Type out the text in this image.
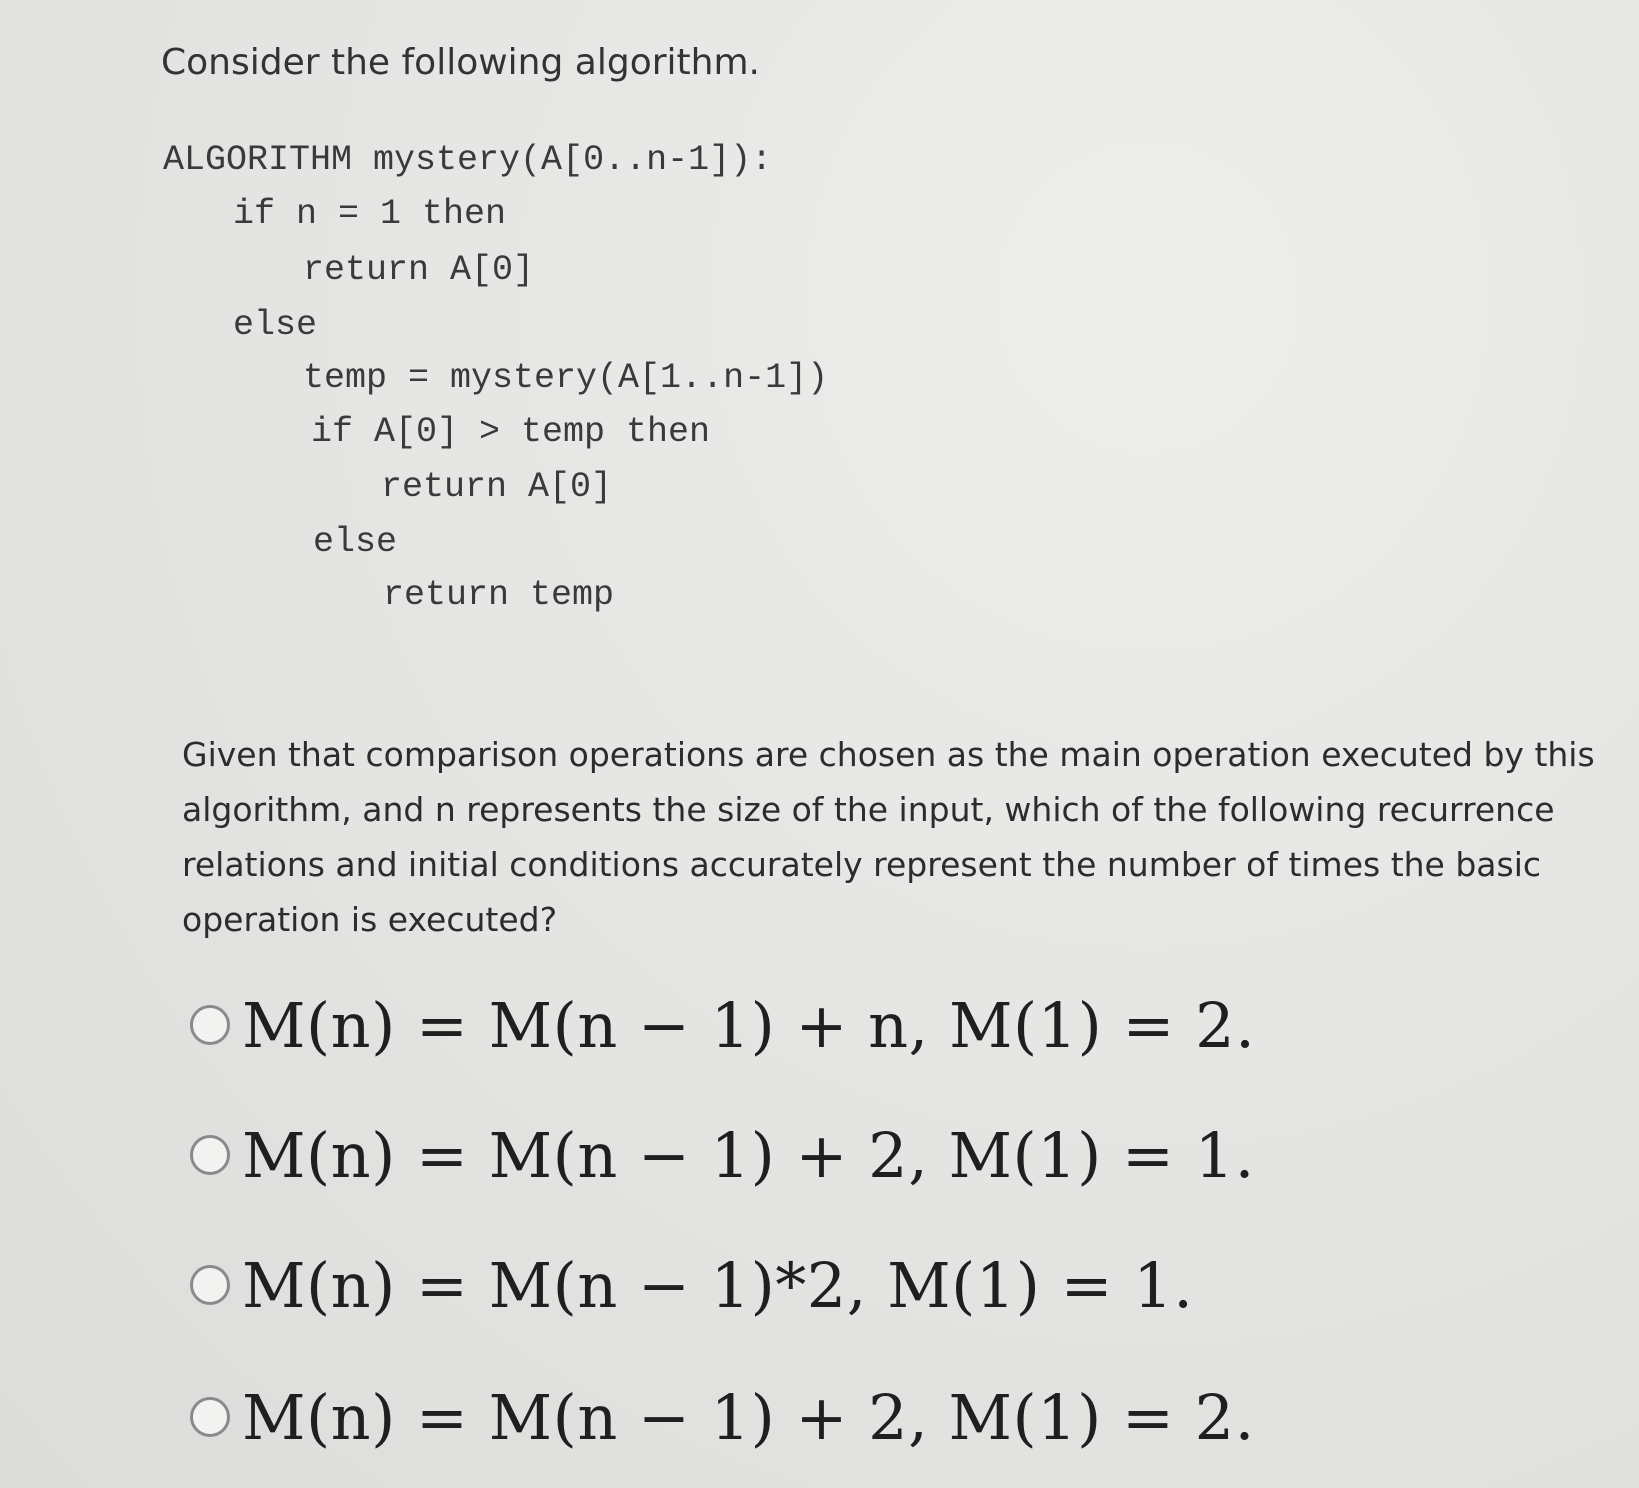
Consider the following algorithm.

ALGORITHM mystery(A[0..n-1]):
if n = 1 then
return A[0]
else
temp = mystery(A[1..n-1])
if A[0] > temp then
return A[0]
else
return temp

Given that comparison operations are chosen as the main operation executed by this algorithm, and n represents the size of the input, which of the following recurrence relations and initial conditions accurately represent the number of times the basic operation is executed?

M(n) = M(n − 1) + n, M(1) = 2.
M(n) = M(n − 1) + 2, M(1) = 1.
M(n) = M(n − 1)*2, M(1) = 1.
M(n) = M(n − 1) + 2, M(1) = 2.
